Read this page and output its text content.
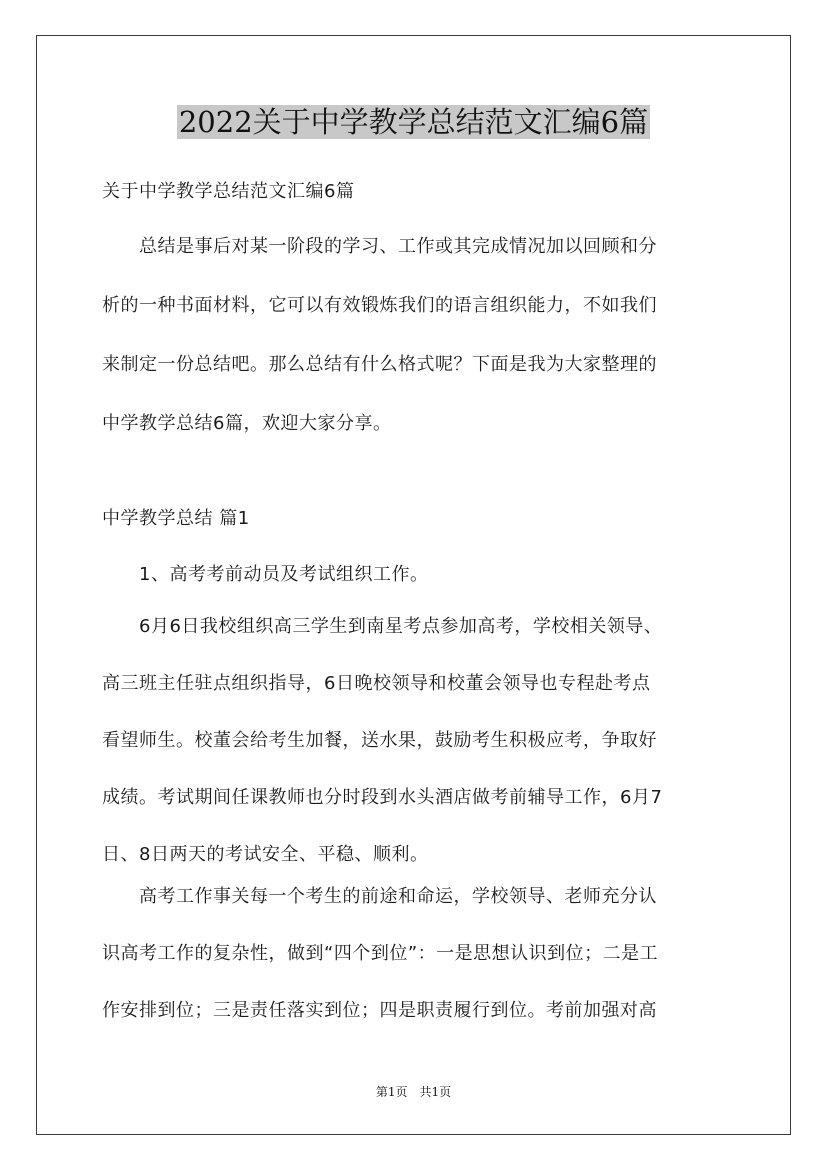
2022关于中学教学总结范文汇编6篇
关于中学教学总结范文汇编6篇
　　总结是事后对某一阶段的学习、工作或其完成情况加以回顾和分
析的一种书面材料，它可以有效锻炼我们的语言组织能力，不如我们
来制定一份总结吧。那么总结有什么格式呢？下面是我为大家整理的
中学教学总结6篇，欢迎大家分享。
中学教学总结 篇1
　　1、高考考前动员及考试组织工作。
　　6月6日我校组织高三学生到南星考点参加高考，学校相关领导、
高三班主任驻点组织指导，6日晚校领导和校董会领导也专程赴考点
看望师生。校董会给考生加餐，送水果，鼓励考生积极应考，争取好
成绩。考试期间任课教师也分时段到水头酒店做考前辅导工作，6月7
日、8日两天的考试安全、平稳、顺利。
　　高考工作事关每一个考生的前途和命运，学校领导、老师充分认
识高考工作的复杂性，做到“四个到位”：一是思想认识到位；二是工
作安排到位；三是责任落实到位；四是职责履行到位。考前加强对高
第1页　共1页
